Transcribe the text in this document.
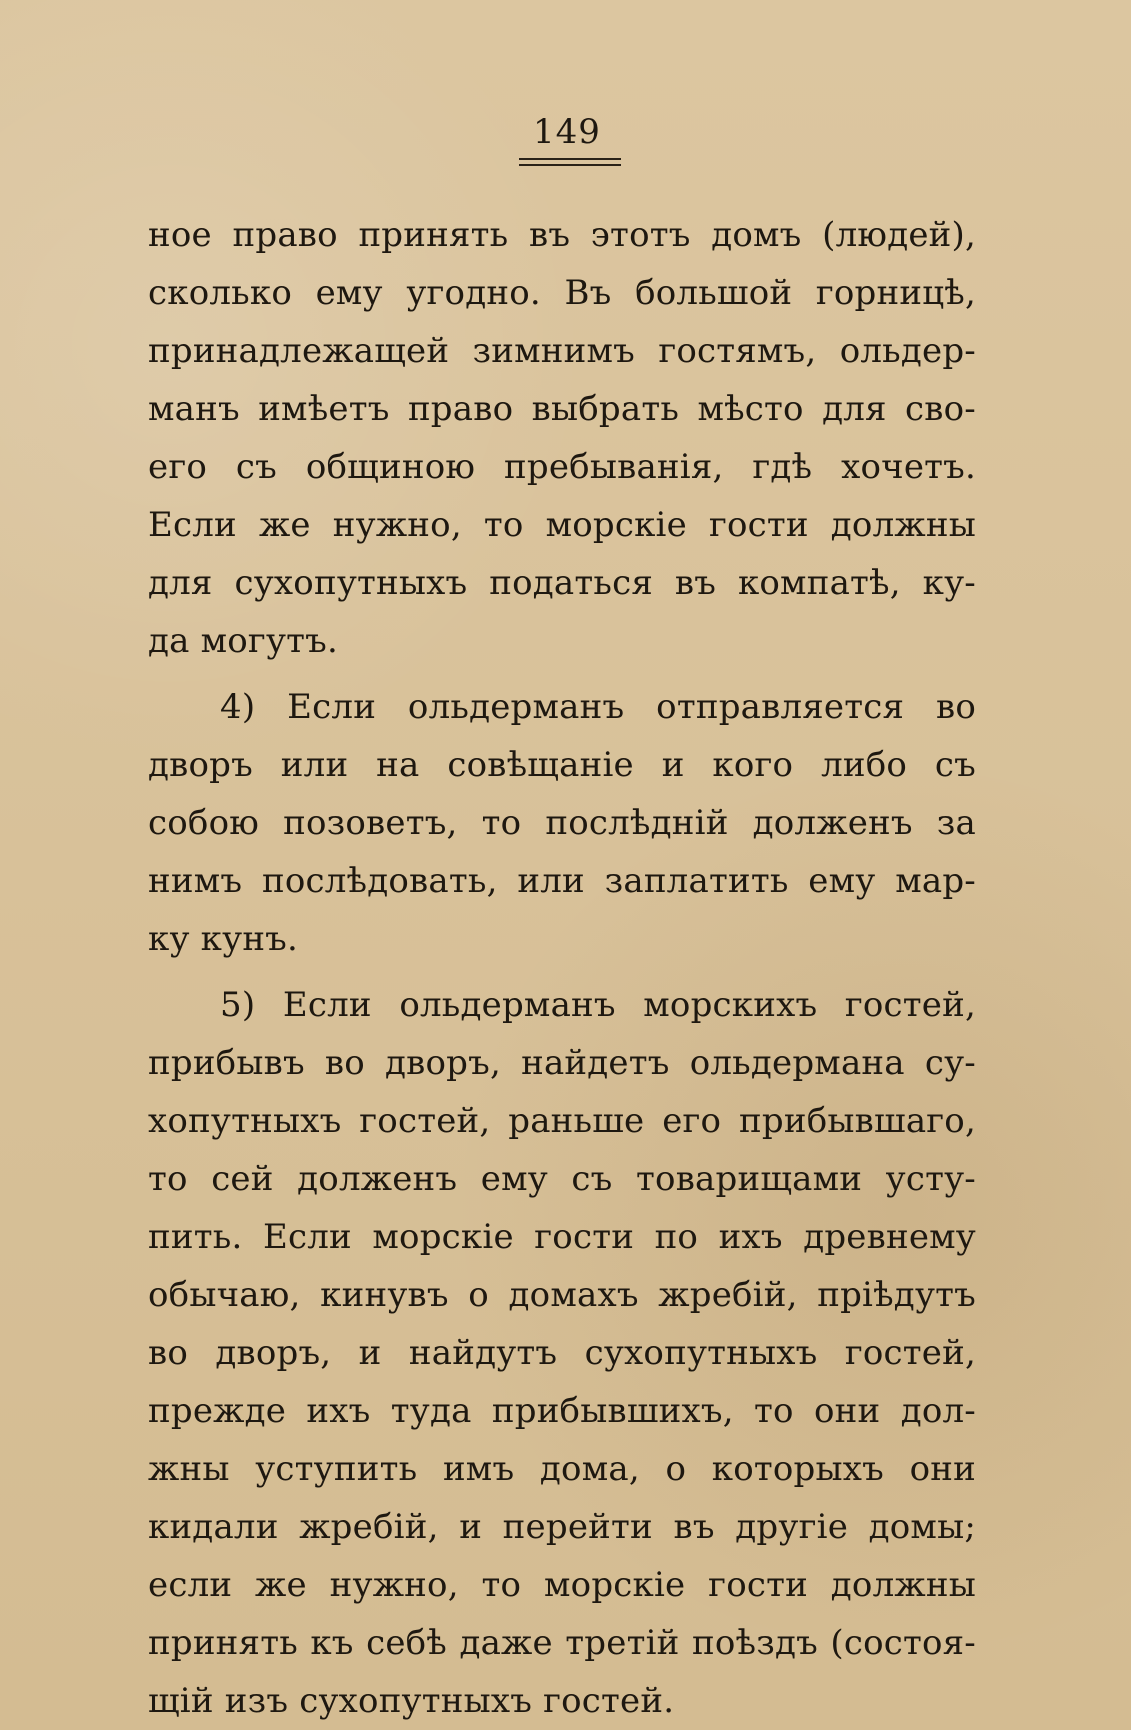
149
ное право принять въ этотъ домъ (людей),
сколько ему угодно. Въ большой горницѣ,
принадлежащей зимнимъ гостямъ, ольдер-
манъ имѣетъ право выбрать мѣсто для сво-
его съ общиною пребыванія, гдѣ хочетъ.
Если же нужно, то морскіе гости должны
для сухопутныхъ податься въ компатѣ, ку-
да могутъ.
4) Если ольдерманъ отправляется во
дворъ или на совѣщаніе и кого либо съ
собою позоветъ, то послѣдній долженъ за
нимъ послѣдовать, или заплатить ему мар-
ку кунъ.
5) Если ольдерманъ морскихъ гостей,
прибывъ во дворъ, найдетъ ольдермана су-
хопутныхъ гостей, раньше его прибывшаго,
то сей долженъ ему съ товарищами усту-
пить. Если морскіе гости по ихъ древнему
обычаю, кинувъ о домахъ жребій, пріѣдутъ
во дворъ, и найдутъ сухопутныхъ гостей,
прежде ихъ туда прибывшихъ, то они дол-
жны уступить имъ дома, о которыхъ они
кидали жребій, и перейти въ другіе домы;
если же нужно, то морскіе гости должны
принять къ себѣ даже третій поѣздъ (состоя-
щій изъ сухопутныхъ гостей.
